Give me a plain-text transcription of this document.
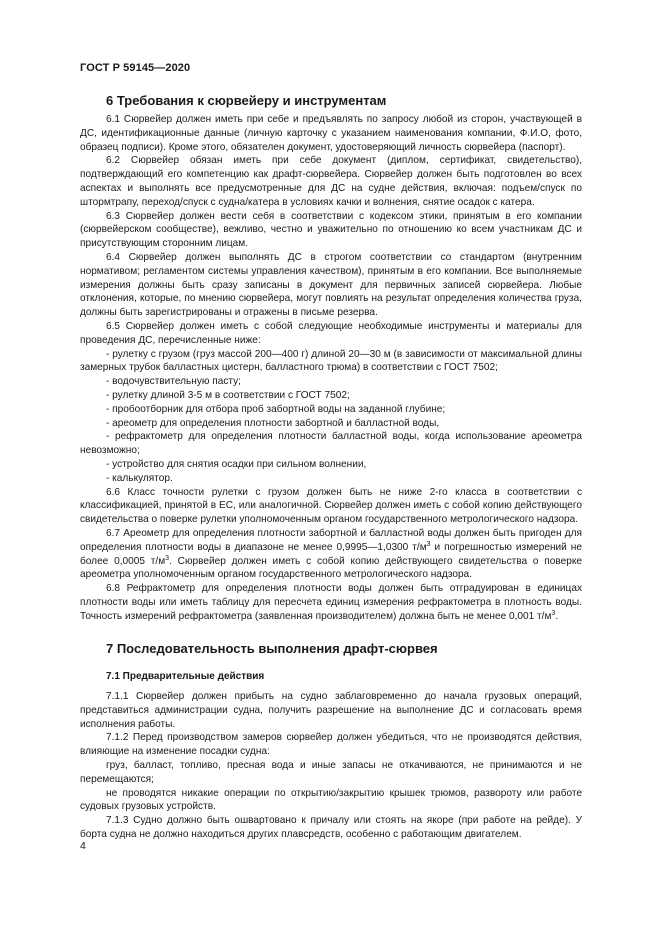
ГОСТ Р 59145—2020
6 Требования к сюрвейеру и инструментам

6.1 Сюрвейер должен иметь при себе и предъявлять по запросу любой из сторон, участвующей в ДС, идентификационные данные (личную карточку с указанием наименования компании, Ф.И.О, фото, образец подписи). Кроме этого, обязателен документ, удостоверяющий личность сюрвейера (паспорт).

6.2 Сюрвейер обязан иметь при себе документ (диплом, сертификат, свидетельство), подтверждающий его компетенцию как драфт-сюрвейера. Сюрвейер должен быть подготовлен во всех аспектах и выполнять все предусмотренные для ДС на судне действия, включая: подъем/спуск по штормтрапу, переход/спуск с судна/катера в условиях качки и волнения, снятие осадок с катера.

6.3 Сюрвейер должен вести себя в соответствии с кодексом этики, принятым в его компании (сюрвейерском сообществе), вежливо, честно и уважительно по отношению ко всем участникам ДС и присутствующим сторонним лицам.

6.4 Сюрвейер должен выполнять ДС в строгом соответствии со стандартом (внутренним нормативом; регламентом системы управления качеством), принятым в его компании. Все выполняемые измерения должны быть сразу записаны в документ для первичных записей сюрвейера. Любые отклонения, которые, по мнению сюрвейера, могут повлиять на результат определения количества груза, должны быть зарегистрированы и отражены в письме резерва.

6.5 Сюрвейер должен иметь с собой следующие необходимые инструменты и материалы для проведения ДС, перечисленные ниже:

- рулетку с грузом (груз массой 200—400 г) длиной 20—30 м (в зависимости от максимальной длины замерных трубок балластных цистерн, балластного трюма) в соответствии с ГОСТ 7502;

- водочувствительную пасту;

- рулетку длиной 3-5 м в соответствии с ГОСТ 7502;

- пробоотборник для отбора проб забортной воды на заданной глубине;

- ареометр для определения плотности забортной и балластной воды,

- рефрактометр для определения плотности балластной воды, когда использование ареометра невозможно;

- устройство для снятия осадки при сильном волнении,

- калькулятор.

6.6 Класс точности рулетки с грузом должен быть не ниже 2-го класса в соответствии с классификацией, принятой в ЕС, или аналогичной. Сюрвейер должен иметь с собой копию действующего свидетельства о поверке рулетки уполномоченным органом государственного метрологического надзора.

6.7 Ареометр для определения плотности забортной и балластной воды должен быть пригоден для определения плотности воды в диапазоне не менее 0,9995—1,0300 $т/м^3$ и погрешностью измерений не более 0,0005 $т/м^3$. Сюрвейер должен иметь с собой копию действующего свидетельства о поверке ареометра уполномоченным органом государственного метрологического надзора.

6.8 Рефрактометр для определения плотности воды должен быть отградуирован в единицах плотности воды или иметь таблицу для пересчета единиц измерения рефрактометра в плотность воды. Точность измерений рефрактометра (заявленная производителем) должна быть не менее 0,001 $т/м^3$.

7 Последовательность выполнения драфт-сюрвея
7.1 Предварительные действия

7.1.1 Сюрвейер должен прибыть на судно заблаговременно до начала грузовых операций, представиться администрации судна, получить разрешение на выполнение ДС и согласовать время исполнения работы.

7.1.2 Перед производством замеров сюрвейер должен убедиться, что не производятся действия, влияющие на изменение посадки судна:

груз, балласт, топливо, пресная вода и иные запасы не откачиваются, не принимаются и не перемещаются;

не проводятся никакие операции по открытию/закрытию крышек трюмов, развороту или работе судовых грузовых устройств.

7.1.3 Судно должно быть ошвартовано к причалу или стоять на якоре (при работе на рейде). У борта судна не должно находиться других плавсредств, особенно с работающим двигателем.

4
